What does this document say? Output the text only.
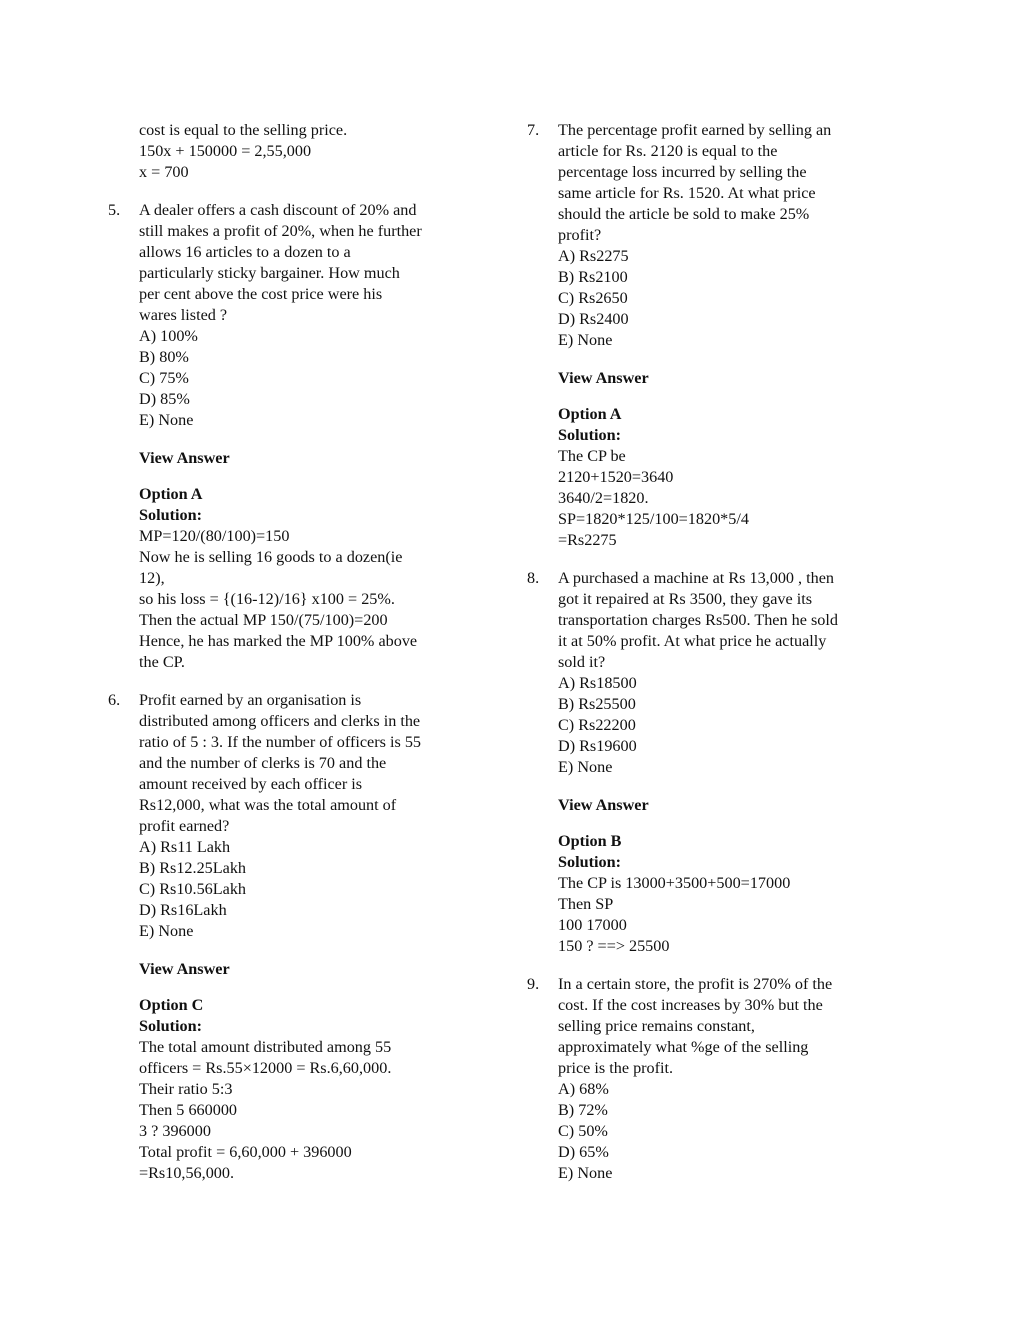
cost is equal to the selling price.
150x + 150000 = 2,55,000
x = 700
5. A dealer offers a cash discount of 20% and
still makes a profit of 20%, when he further
allows 16 articles to a dozen to a
particularly sticky bargainer. How much
per cent above the cost price were his
wares listed ?
A) 100%
B) 80%
C) 75%
D) 85%
E) None
View Answer
Option A
Solution:
MP=120/(80/100)=150
Now he is selling 16 goods to a dozen(ie
12),
so his loss = {(16-12)/16} x100 = 25%.
Then the actual MP 150/(75/100)=200
Hence, he has marked the MP 100% above
the CP.
6. Profit earned by an organisation is
distributed among officers and clerks in the
ratio of 5 : 3. If the number of officers is 55
and the number of clerks is 70 and the
amount received by each officer is
Rs12,000, what was the total amount of
profit earned?
A) Rs11 Lakh
B) Rs12.25Lakh
C) Rs10.56Lakh
D) Rs16Lakh
E) None
View Answer
Option C
Solution:
The total amount distributed among 55
officers = Rs.55×12000 = Rs.6,60,000.
Their ratio 5:3
Then 5 660000
3 ? 396000
Total profit = 6,60,000 + 396000
=Rs10,56,000.
7. The percentage profit earned by selling an
article for Rs. 2120 is equal to the
percentage loss incurred by selling the
same article for Rs. 1520. At what price
should the article be sold to make 25%
profit?
A) Rs2275
B) Rs2100
C) Rs2650
D) Rs2400
E) None
View Answer
Option A
Solution:
The CP be
2120+1520=3640
3640/2=1820.
SP=1820*125/100=1820*5/4
=Rs2275
8. A purchased a machine at Rs 13,000 , then
got it repaired at Rs 3500, they gave its
transportation charges Rs500. Then he sold
it at 50% profit. At what price he actually
sold it?
A) Rs18500
B) Rs25500
C) Rs22200
D) Rs19600
E) None
View Answer
Option B
Solution:
The CP is 13000+3500+500=17000
Then SP
100 17000
150 ? ==> 25500
9. In a certain store, the profit is 270% of the
cost. If the cost increases by 30% but the
selling price remains constant,
approximately what %ge of the selling
price is the profit.
A) 68%
B) 72%
C) 50%
D) 65%
E) None
